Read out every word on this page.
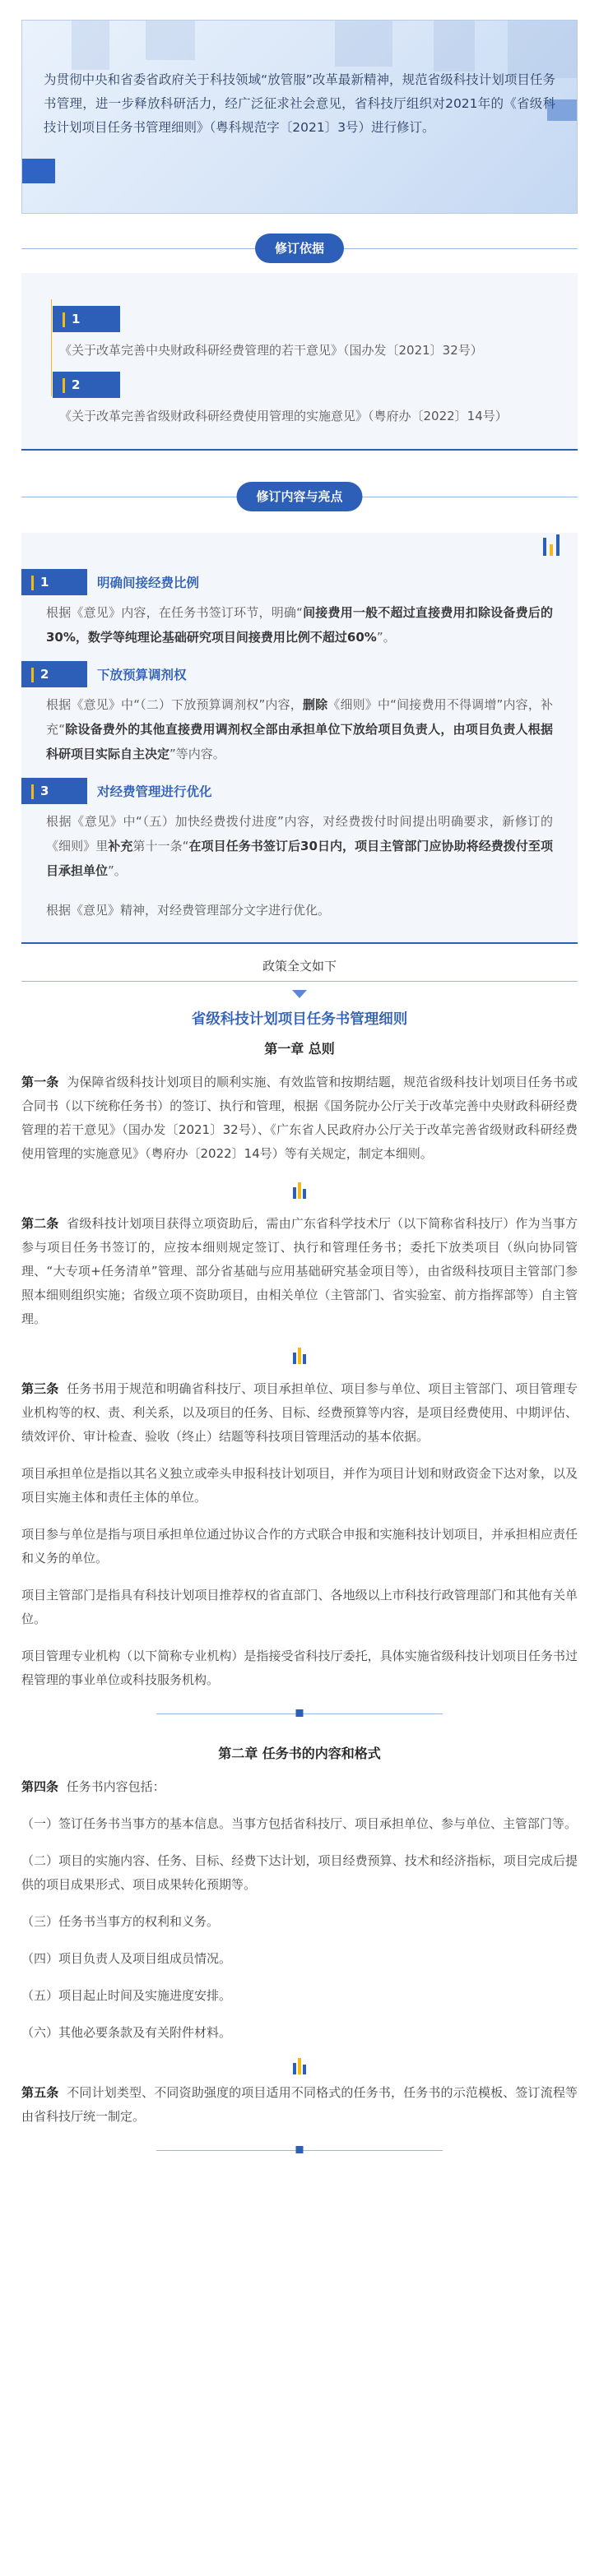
为贯彻中央和省委省政府关于科技领域“放管服”改革最新精神，规范省级科技计划项目任务书管理，进一步释放科研活力，经广泛征求社会意见，省科技厅组织对2021年的《省级科技计划项目任务书管理细则》（粤科规范字〔2021〕3号）进行修订。
修订依据
1
《关于改革完善中央财政科研经费管理的若干意见》（国办发〔2021〕32号）
2
《关于改革完善省级财政科研经费使用管理的实施意见》（粤府办〔2022〕14号）
修订内容与亮点
1	明确间接经费比例
根据《意见》内容，在任务书签订环节，明确“间接费用一般不超过直接费用扣除设备费后的30%，数学等纯理论基础研究项目间接费用比例不超过60%”。
2	下放预算调剂权
根据《意见》中“（二）下放预算调剂权”内容，删除《细则》中“间接费用不得调增”内容，补充“除设备费外的其他直接费用调剂权全部由承担单位下放给项目负责人，由项目负责人根据科研项目实际自主决定”等内容。
3	对经费管理进行优化
根据《意见》中“（五）加快经费拨付进度”内容，对经费拨付时间提出明确要求，新修订的《细则》里补充第十一条“在项目任务书签订后30日内，项目主管部门应协助将经费拨付至项目承担单位”。
根据《意见》精神，对经费管理部分文字进行优化。
政策全文如下
省级科技计划项目任务书管理细则
第一章 总则
第一条 为保障省级科技计划项目的顺利实施、有效监管和按期结题，规范省级科技计划项目任务书或合同书（以下统称任务书）的签订、执行和管理，根据《国务院办公厅关于改革完善中央财政科研经费管理的若干意见》（国办发〔2021〕32号）、《广东省人民政府办公厅关于改革完善省级财政科研经费使用管理的实施意见》（粤府办〔2022〕14号）等有关规定，制定本细则。
第二条 省级科技计划项目获得立项资助后，需由广东省科学技术厅（以下简称省科技厅）作为当事方参与项目任务书签订的，应按本细则规定签订、执行和管理任务书；委托下放类项目（纵向协同管理、“大专项+任务清单”管理、部分省基础与应用基础研究基金项目等），由省级科技项目主管部门参照本细则组织实施；省级立项不资助项目，由相关单位（主管部门、省实验室、前方指挥部等）自主管理。
第三条 任务书用于规范和明确省科技厅、项目承担单位、项目参与单位、项目主管部门、项目管理专业机构等的权、责、利关系，以及项目的任务、目标、经费预算等内容，是项目经费使用、中期评估、绩效评价、审计检查、验收（终止）结题等科技项目管理活动的基本依据。
项目承担单位是指以其名义独立或牵头申报科技计划项目，并作为项目计划和财政资金下达对象，以及项目实施主体和责任主体的单位。
项目参与单位是指与项目承担单位通过协议合作的方式联合申报和实施科技计划项目，并承担相应责任和义务的单位。
项目主管部门是指具有科技计划项目推荐权的省直部门、各地级以上市科技行政管理部门和其他有关单位。
项目管理专业机构（以下简称专业机构）是指接受省科技厅委托，具体实施省级科技计划项目任务书过程管理的事业单位或科技服务机构。
第二章 任务书的内容和格式
第四条 任务书内容包括：
（一）签订任务书当事方的基本信息。当事方包括省科技厅、项目承担单位、参与单位、主管部门等。
（二）项目的实施内容、任务、目标、经费下达计划，项目经费预算、技术和经济指标，项目完成后提供的项目成果形式、项目成果转化预期等。
（三）任务书当事方的权利和义务。
（四）项目负责人及项目组成员情况。
（五）项目起止时间及实施进度安排。
（六）其他必要条款及有关附件材料。
第五条 不同计划类型、不同资助强度的项目适用不同格式的任务书，任务书的示范模板、签订流程等由省科技厅统一制定。
